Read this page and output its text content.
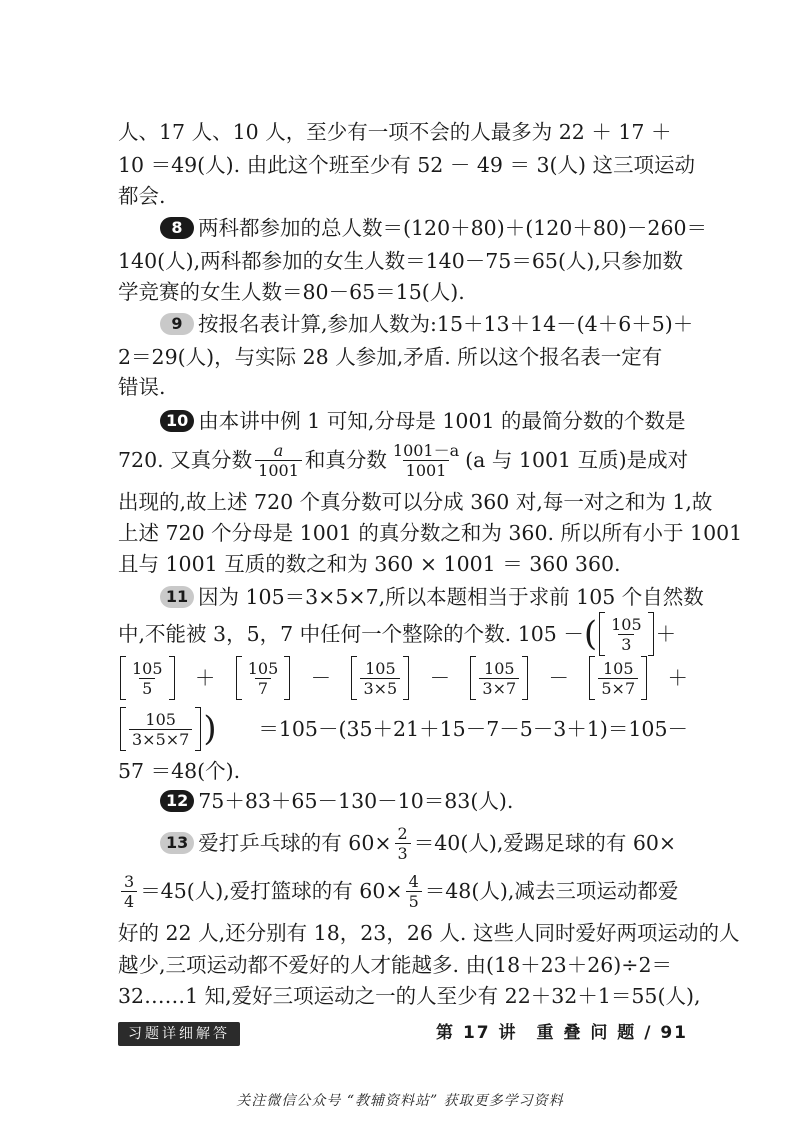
人、17 人、10 人，至少有一项不会的人最多为 22 ＋ 17 ＋
10 ＝49(人). 由此这个班至少有 52 － 49 ＝ 3(人) 这三项运动
都会.
8 两科都参加的总人数＝(120＋80)＋(120＋80)－260＝
140(人),两科都参加的女生人数＝140－75＝65(人),只参加数
学竞赛的女生人数＝80－65＝15(人).
9 按报名表计算,参加人数为:15＋13＋14－(4＋6＋5)＋
2＝29(人)，与实际 28 人参加,矛盾. 所以这个报名表一定有
错误.
10 由本讲中例 1 可知,分母是 1001 的最简分数的个数是
720. 又真分数 $\frac{a}{1001}$ 和真分数 $\frac{1001-a}{1001} (a$ 与 1001 互质)是成对
出现的,故上述 720 个真分数可以分成 360 对,每一对之和为 1,故
上述 720 个分母是 1001 的真分数之和为 360. 所以所有小于 1001
且与 1001 互质的数之和为 360 × 1001 ＝ 360 360.
11 因为 105＝3×5×7,所以本题相当于求前 105 个自然数
中,不能被 3，5，7 中任何一个整除的个数. 105 － ( $\frac{105}{3}$ ＋
$\frac{105}{5} + \frac{105}{7} - \frac{105}{3\times 5} - \frac{105}{3\times 7} - \frac{105}{5\times 7}$ ＋
$\frac{105}{3\times 5\times 7}$ ) ＝105－(35＋21＋15－7－5－3＋1)＝105－
57 ＝48(个).
12 75＋83＋65－130－10＝83(人).
13 爱打乒乓球的有 $60\times \frac{2}{3} =40$(人),爱踢足球的有 60×
$\frac{3}{4} =45$(人),爱打篮球的有 $60\times \frac{4}{5} =48$(人),减去三项运动都爱
好的 22 人,还分别有 18，23，26 人. 这些人同时爱好两项运动的人
越少,三项运动都不爱好的人才能越多. 由(18＋23＋26)÷2＝
32……1 知,爱好三项运动之一的人至少有 22＋32＋1＝55(人),
习题详细解答	第 17 讲　重 叠 问 题 / 91
关注微信公众号 “教辅资料站” 获取更多学习资料
